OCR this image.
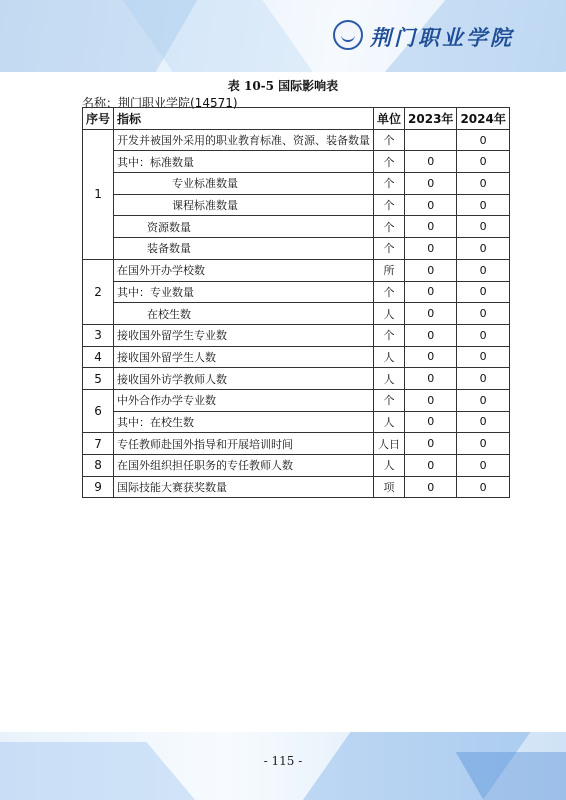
荆门职业学院
表 10-5 国际影响表
名称：荆门职业学院(14571)
序号	指标	单位	2023年	2024年
1	开发并被国外采用的职业教育标准、资源、装备数量	个		0
	其中：标准数量	个	0	0
	专业标准数量	个	0	0
	课程标准数量	个	0	0
	资源数量	个	0	0
	装备数量	个	0	0
2	在国外开办学校数	所	0	0
	其中：专业数量	个	0	0
	在校生数	人	0	0
3	接收国外留学生专业数	个	0	0
4	接收国外留学生人数	人	0	0
5	接收国外访学教师人数	人	0	0
6	中外合作办学专业数	个	0	0
	其中：在校生数	人	0	0
7	专任教师赴国外指导和开展培训时间	人日	0	0
8	在国外组织担任职务的专任教师人数	人	0	0
9	国际技能大赛获奖数量	项	0	0
- 115 -
